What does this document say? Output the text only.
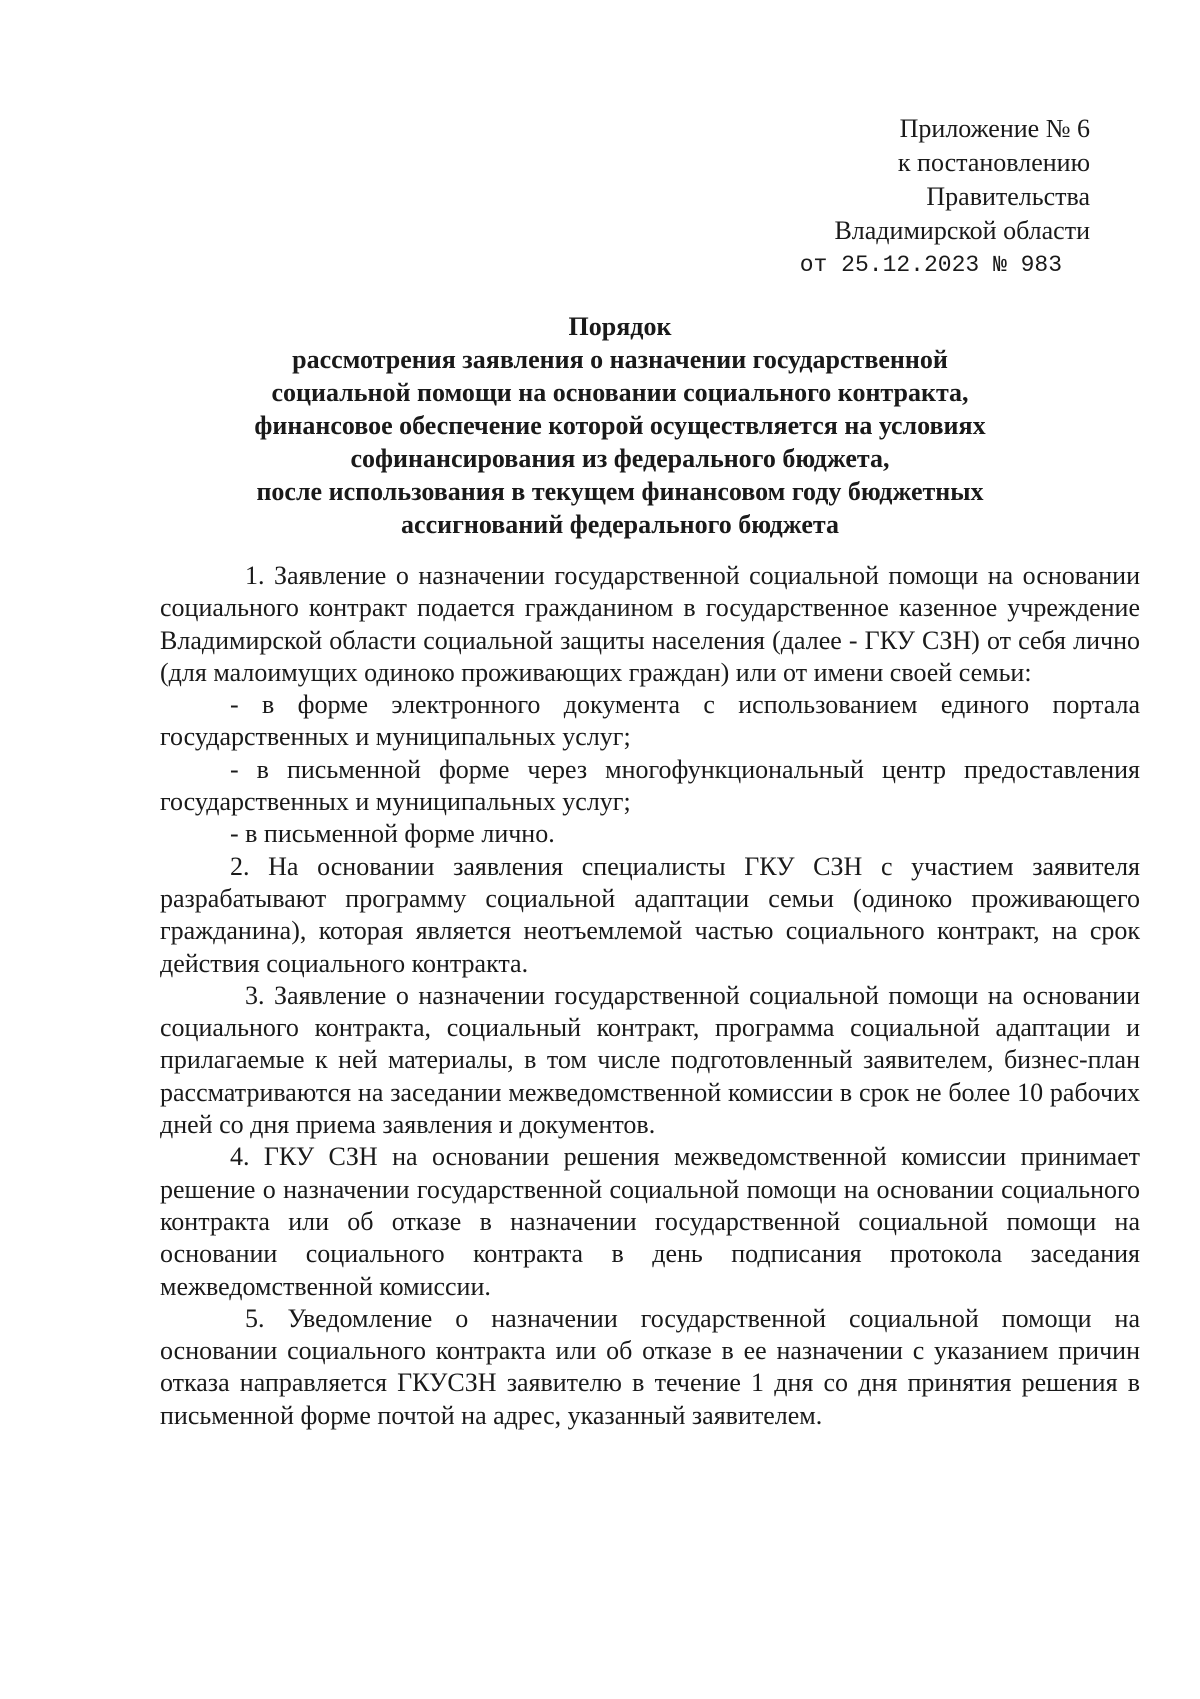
Приложение № 6
к постановлению
Правительства
Владимирской области
от 25.12.2023 № 983
Порядок
рассмотрения заявления о назначении государственной
социальной помощи на основании социального контракта,
финансовое обеспечение которой осуществляется на условиях
софинансирования из федерального бюджета,
после использования в текущем финансовом году бюджетных
ассигнований федерального бюджета

1. Заявление о назначении государственной социальной помощи на основании социального контракт подается гражданином в государственное казенное учреждение Владимирской области социальной защиты населения (далее - ГКУ СЗН) от себя лично (для малоимущих одиноко проживающих граждан) или от имени своей семьи:

- в форме электронного документа с использованием единого портала государственных и муниципальных услуг;

- в письменной форме через многофункциональный центр предоставления государственных и муниципальных услуг;

- в письменной форме лично.

2. На основании заявления специалисты ГКУ СЗН с участием заявителя разрабатывают программу социальной адаптации семьи (одиноко проживающего гражданина), которая является неотъемлемой частью социального контракт, на срок действия социального контракта.

3. Заявление о назначении государственной социальной помощи на основании социального контракта, социальный контракт, программа социальной адаптации и прилагаемые к ней материалы, в том числе подготовленный заявителем, бизнес-план рассматриваются на заседании межведомственной комиссии в срок не более 10 рабочих дней со дня приема заявления и документов.

4. ГКУ СЗН на основании решения межведомственной комиссии принимает решение о назначении государственной социальной помощи на основании социального контракта или об отказе в назначении государственной социальной помощи на основании социального контракта в день подписания протокола заседания межведомственной комиссии.

5. Уведомление о назначении государственной социальной помощи на основании социального контракта или об отказе в ее назначении с указанием причин отказа направляется ГКУСЗН заявителю в течение 1 дня со дня принятия решения в письменной форме почтой на адрес, указанный заявителем.
